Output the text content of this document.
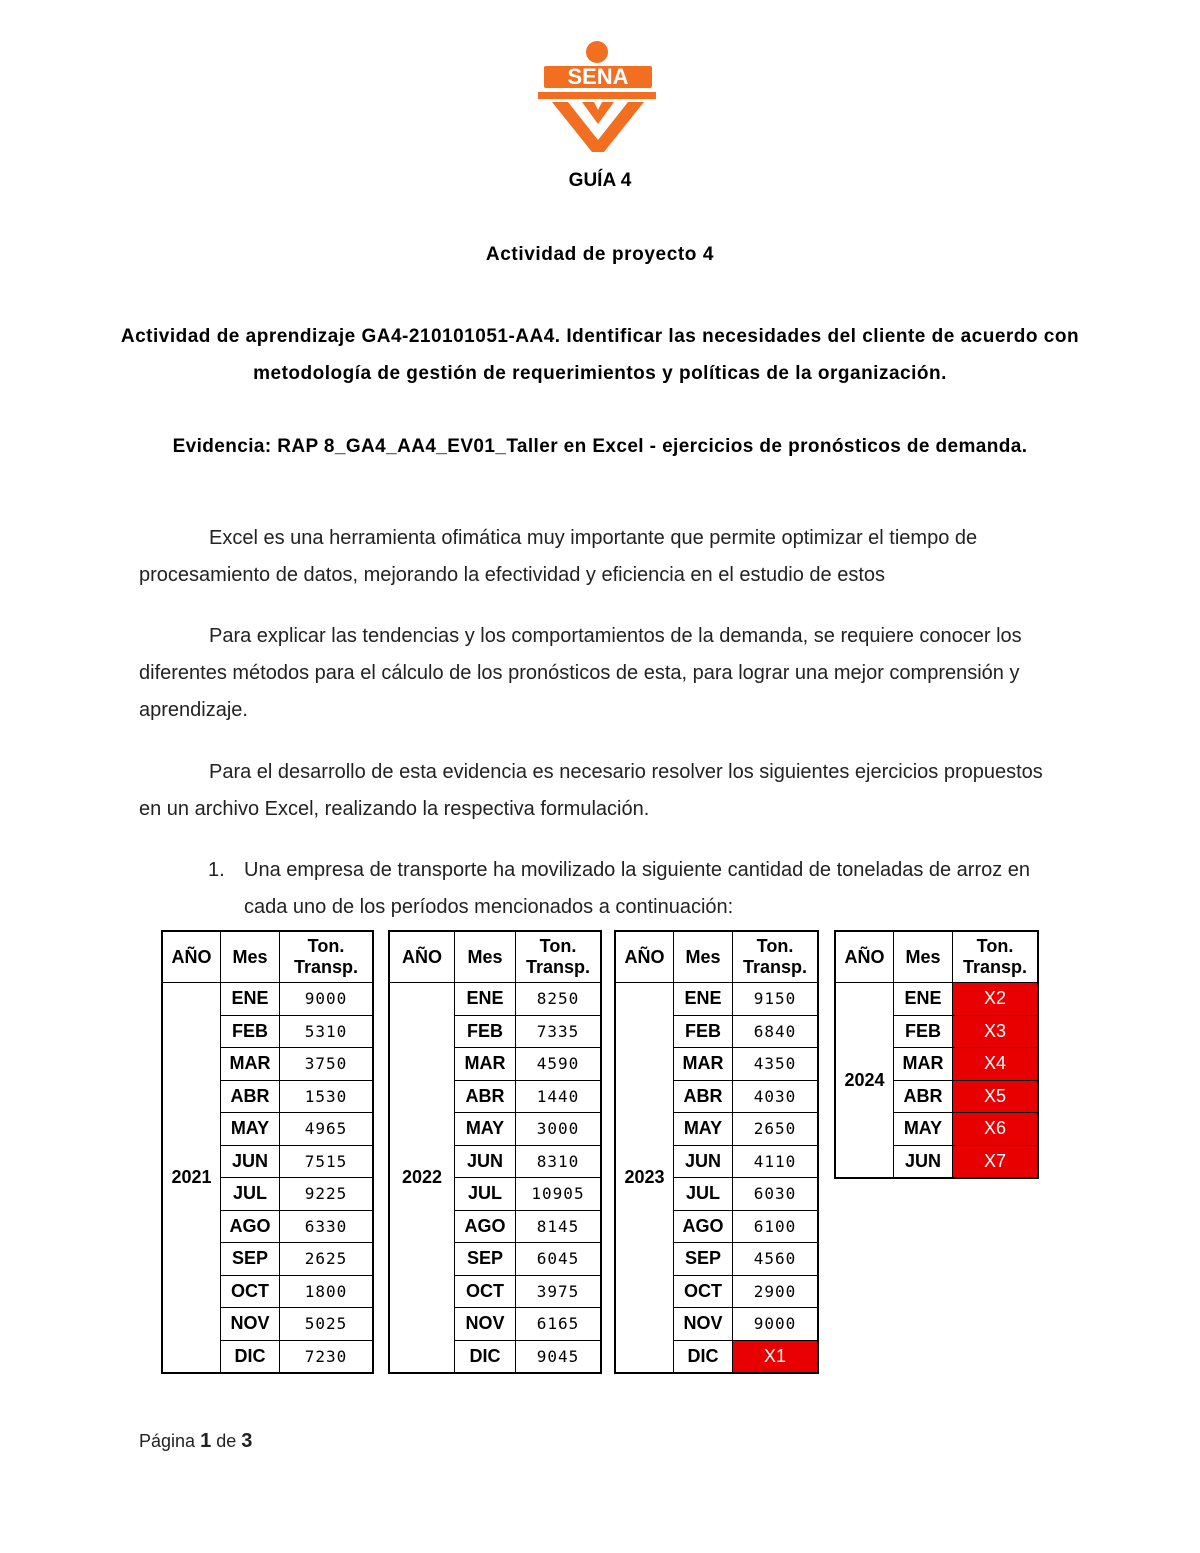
SENA
GUÍA 4
Actividad de proyecto 4
Actividad de aprendizaje GA4-210101051-AA4. Identificar las necesidades del cliente de acuerdo con metodología de gestión de requerimientos y políticas de la organización.
Evidencia: RAP 8_GA4_AA4_EV01_Taller en Excel - ejercicios de pronósticos de demanda.
Excel es una herramienta ofimática muy importante que permite optimizar el tiempo de procesamiento de datos, mejorando la efectividad y eficiencia en el estudio de estos
Para explicar las tendencias y los comportamientos de la demanda, se requiere conocer los diferentes métodos para el cálculo de los pronósticos de esta, para lograr una mejor comprensión y aprendizaje.
Para el desarrollo de esta evidencia es necesario resolver los siguientes ejercicios propuestos en un archivo Excel, realizando la respectiva formulación.
1. Una empresa de transporte ha movilizado la siguiente cantidad de toneladas de arroz en cada uno de los períodos mencionados a continuación:
AÑO	Mes	Ton. Transp.
2021	ENE	9000
	FEB	5310
	MAR	3750
	ABR	1530
	MAY	4965
	JUN	7515
	JUL	9225
	AGO	6330
	SEP	2625
	OCT	1800
	NOV	5025
	DIC	7230
AÑO	Mes	Ton. Transp.
2022	ENE	8250
	FEB	7335
	MAR	4590
	ABR	1440
	MAY	3000
	JUN	8310
	JUL	10905
	AGO	8145
	SEP	6045
	OCT	3975
	NOV	6165
	DIC	9045
AÑO	Mes	Ton. Transp.
2023	ENE	9150
	FEB	6840
	MAR	4350
	ABR	4030
	MAY	2650
	JUN	4110
	JUL	6030
	AGO	6100
	SEP	4560
	OCT	2900
	NOV	9000
	DIC	X1
AÑO	Mes	Ton. Transp.
2024	ENE	X2
	FEB	X3
	MAR	X4
	ABR	X5
	MAY	X6
	JUN	X7
Página 1 de 3
